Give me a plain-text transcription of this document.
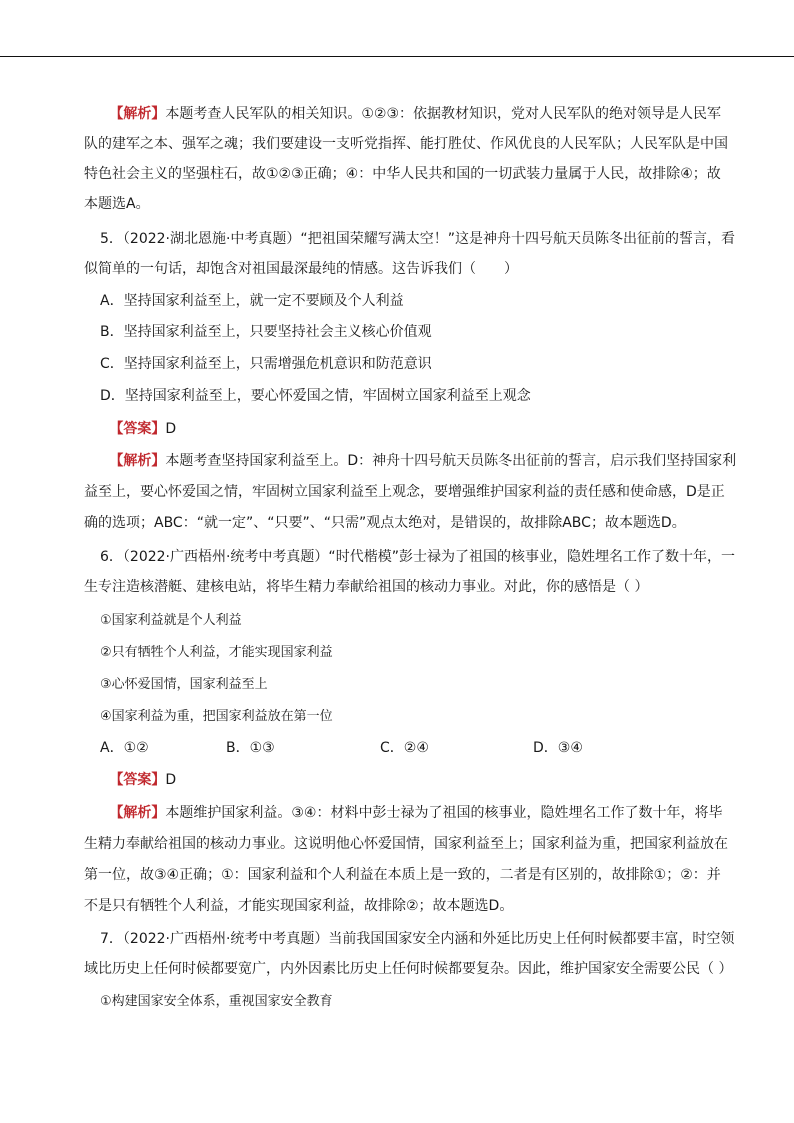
【解析】本题考查人民军队的相关知识。①②③：依据教材知识，党对人民军队的绝对领导是人民军
队的建军之本、强军之魂；我们要建设一支听党指挥、能打胜仗、作风优良的人民军队；人民军队是中国
特色社会主义的坚强柱石，故①②③正确；④：中华人民共和国的一切武装力量属于人民，故排除④；故
本题选A。
5．（2022·湖北恩施·中考真题）“把祖国荣耀写满太空！”这是神舟十四号航天员陈冬出征前的誓言，看
似简单的一句话，却饱含对祖国最深最纯的情感。这告诉我们（　　）
A．坚持国家利益至上，就一定不要顾及个人利益
B．坚持国家利益至上，只要坚持社会主义核心价值观
C．坚持国家利益至上，只需增强危机意识和防范意识
D．坚持国家利益至上，要心怀爱国之情，牢固树立国家利益至上观念
【答案】D
【解析】本题考查坚持国家利益至上。D：神舟十四号航天员陈冬出征前的誓言，启示我们坚持国家利
益至上，要心怀爱国之情，牢固树立国家利益至上观念，要增强维护国家利益的责任感和使命感，D是正
确的选项；ABC：“就一定”、“只要”、“只需”观点太绝对，是错误的，故排除ABC；故本题选D。
6．（2022·广西梧州·统考中考真题）“时代楷模”彭士禄为了祖国的核事业，隐姓埋名工作了数十年，一
生专注造核潜艇、建核电站，将毕生精力奉献给祖国的核动力事业。对此，你的感悟是（ ）
①国家利益就是个人利益
②只有牺牲个人利益，才能实现国家利益
③心怀爱国情，国家利益至上
④国家利益为重，把国家利益放在第一位
A．①②	B．①③	C．②④	D．③④
【答案】D
【解析】本题维护国家利益。③④：材料中彭士禄为了祖国的核事业，隐姓埋名工作了数十年，将毕
生精力奉献给祖国的核动力事业。这说明他心怀爱国情，国家利益至上；国家利益为重，把国家利益放在
第一位，故③④正确；①：国家利益和个人利益在本质上是一致的，二者是有区别的，故排除①；②：并
不是只有牺牲个人利益，才能实现国家利益，故排除②；故本题选D。
7．（2022·广西梧州·统考中考真题）当前我国国家安全内涵和外延比历史上任何时候都要丰富，时空领
域比历史上任何时候都要宽广，内外因素比历史上任何时候都要复杂。因此，维护国家安全需要公民（ ）
①构建国家安全体系，重视国家安全教育
